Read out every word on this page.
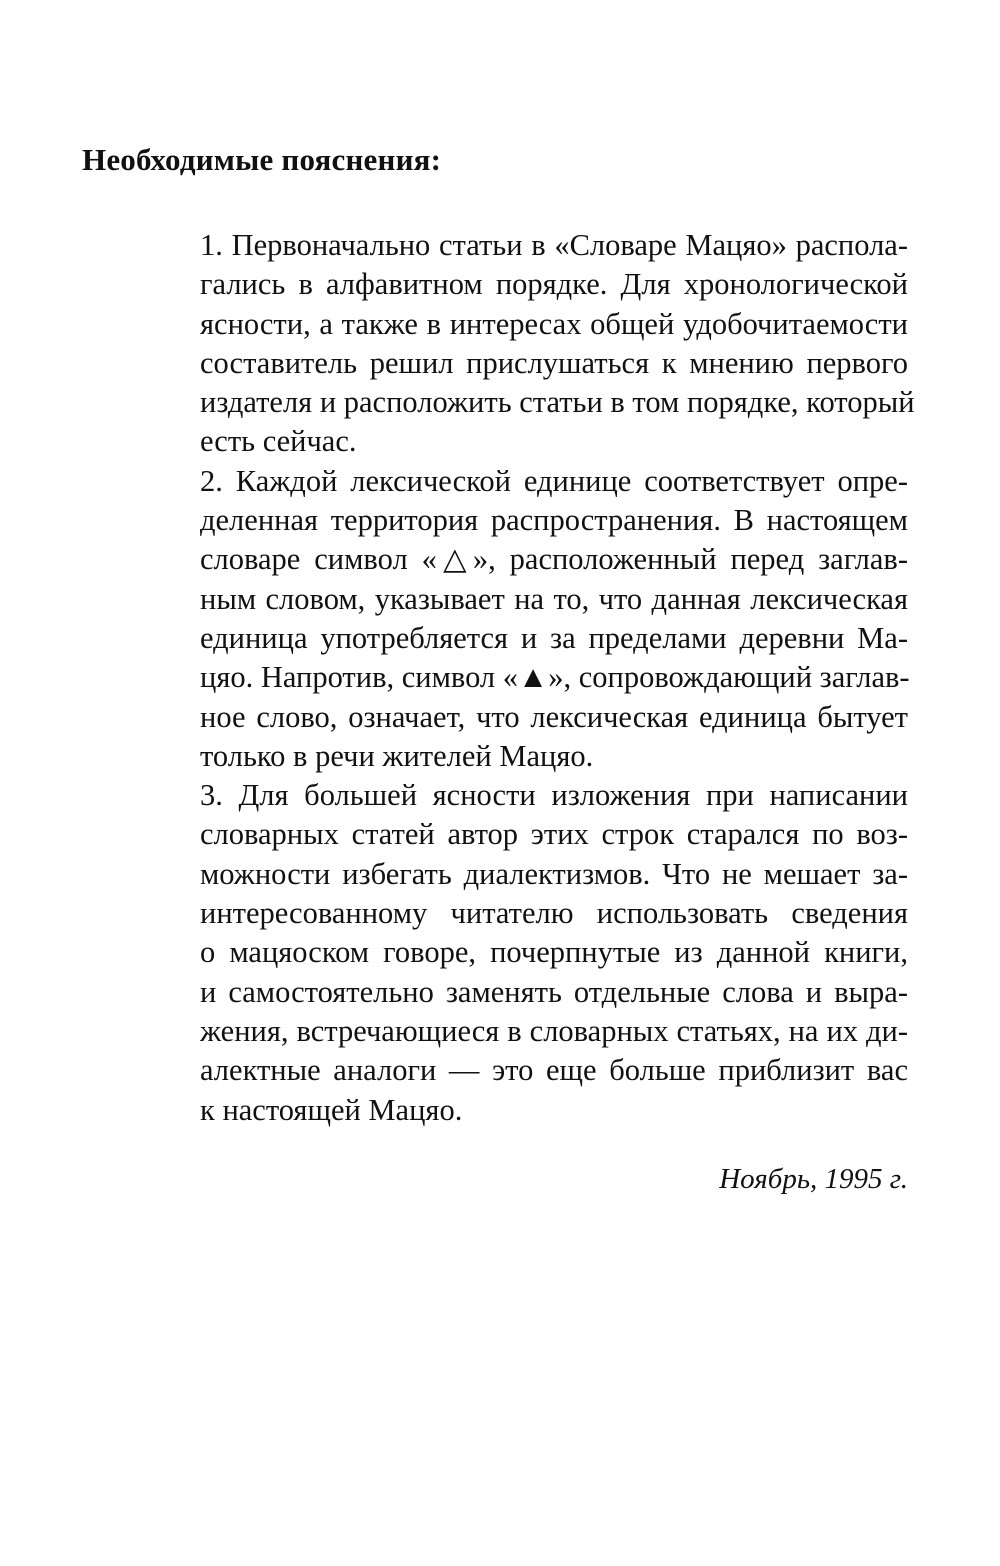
Необходимые пояснения:
1. Первоначально статьи в «Словаре Мацяо» распола-
гались в алфавитном порядке. Для хронологической
ясности, а также в интересах общей удобочитаемости
составитель решил прислушаться к мнению первого
издателя и расположить статьи в том порядке, который
есть сейчас.
2. Каждой лексической единице соответствует опре-
деленная территория распространения. В настоящем
словаре символ «△», расположенный перед заглав-
ным словом, указывает на то, что данная лексическая
единица употребляется и за пределами деревни Ма-
цяо. Напротив, символ «▲», сопровождающий заглав-
ное слово, означает, что лексическая единица бытует
только в речи жителей Мацяо.
3. Для большей ясности изложения при написании
словарных статей автор этих строк старался по воз-
можности избегать диалектизмов. Что не мешает за-
интересованному читателю использовать сведения
о мацяоском говоре, почерпнутые из данной книги,
и самостоятельно заменять отдельные слова и выра-
жения, встречающиеся в словарных статьях, на их ди-
алектные аналоги — это еще больше приблизит вас
к настоящей Мацяо.
Ноябрь, 1995 г.
